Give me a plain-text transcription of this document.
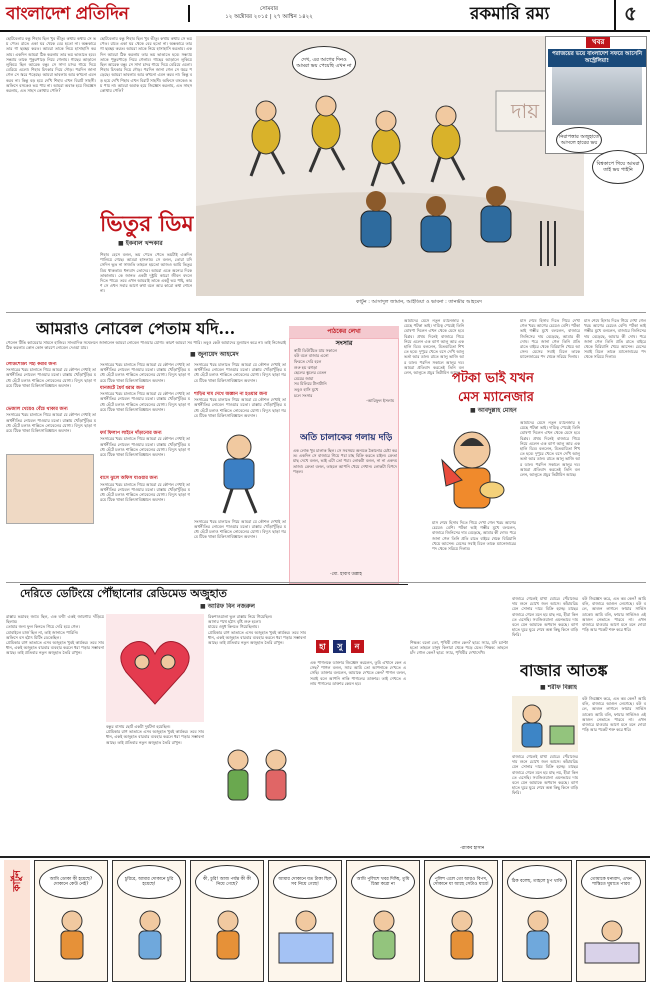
বাংলাদেশ প্রতিদিন	সোমবার
১২ অক্টোবর ২০১৫ | ২৭ আশ্বিন ১৪২২	রকমারি রম্য	৫
ছোটবেলায় বন্ধু শিহাব ছিল খুব ভীতু। কথায় কথায় সে ভয় পেত। রাতে একা ঘর থেকে বের হতো না। অন্ধকারে তার গা ছমছম করত। আমরা তাকে নিয়ে হাসাহাসি করতাম। একদিন আমরা ঠিক করলাম তার ভয় ভাঙাতে হবে। সন্ধ্যায় তাকে পুকুরপাড়ে নিয়ে গেলাম। গাছের আড়ালে লুকিয়ে ছিল আরেক বন্ধু। সে সাদা চাদর গায়ে দিয়ে বেরিয়ে এলো। শিহাব চিৎকার দিয়ে দৌড়। পরদিন জানা গেল সে জ্বরে পড়েছে। আমরা ভাবলাম আর কখনো এমন করব না। কিন্তু বড় হয়ে দেখি শিহাব এখন বিরাট সাহসী। অফিসে বসকেও ভয় পায় না। আমরা অবাক হয়ে জিজ্ঞেস করলাম, এত সাহস কোথায় পেলি?
ছোটবেলায় বন্ধু শিহাব ছিল খুব ভীতু। কথায় কথায় সে ভয় পেত। রাতে একা ঘর থেকে বের হতো না। অন্ধকারে তার গা ছমছম করত। আমরা তাকে নিয়ে হাসাহাসি করতাম। একদিন আমরা ঠিক করলাম তার ভয় ভাঙাতে হবে। সন্ধ্যায় তাকে পুকুরপাড়ে নিয়ে গেলাম। গাছের আড়ালে লুকিয়ে ছিল আরেক বন্ধু। সে সাদা চাদর গায়ে দিয়ে বেরিয়ে এলো। শিহাব চিৎকার দিয়ে দৌড়। পরদিন জানা গেল সে জ্বরে পড়েছে। আমরা ভাবলাম আর কখনো এমন করব না। কিন্তু বড় হয়ে দেখি শিহাব এখন বিরাট সাহসী। অফিসে বসকেও ভয় পায় না। আমরা অবাক হয়ে জিজ্ঞেস করলাম, এত সাহস কোথায় পেলি?
ভিতুর ডিম
■ ইকবাল খন্দকার
শিহাব হেসে বলল, ভয় পেতে পেতে ভয়টাই একদিন পালিয়ে গেছে। আমরা হাসলাম। সে বলল, তোরা যদি সেদিন ভূত না সাজতি তাহলে হয়তো আজও আমি ভিতুর ডিম থাকতাম। ধন্যবাদ তোদের। আমরা একে অন্যের দিকে তাকালাম। কে জানত একটা দুষ্টুমি কারো জীবন বদলে দিতে পারে। তবে এখন আমরাই তাকে একটু ভয় পাই, কারণ সে এখন সবার আগে কথা বলে আর কারো কথা শোনে না।
দায়
দেখ, এর আগের দিনও আমরা ভয় পেয়েছি এখন না
কার্টুন : আসাদুল জামান, আইডিয়া ও ভাবনা : তানভীর আহমেদ
খবর
পরাজয়ের ভয়ে বাংলাদেশ সফরে আসেনি অস্ট্রেলিয়া!
নিরাপত্তার অজুহাতে আসলে হারের ভয়
বিশ্বকাপে গিয়ে আমরা তাই ভয় পাইনি
আমরাও নোবেল পেতাম যদি...
পেলেন টিভি ক্যামেরার সামনে হাজির। সাংবাদিক সম্মেলনে জানালেন আমরা নোবেল পাওয়ার যোগ্য। কারণ আমরা সব পারি। তবুও কেউ আমাদের মূল্যায়ন করে না। তাই নিজেরাই ঠিক করলাম কোন কোন কারণে নোবেল দেওয়া যায়।
■ জুনায়েদ আহমেদ
লোডশেডিং সহ্য করার জন্য
সংসারের খরচ চালাতে গিয়ে আমরা যে কৌশল দেখাই তা অর্থনীতির নোবেল পাওয়ার মতো। রাস্তায় খোঁড়াখুঁড়ির মধ্যে হেঁটে চলাও শান্তিতে নোবেলের যোগ্য। বিদ্যুৎ ছাড়া গরমে টিকে থাকা চিকিৎসাবিজ্ঞানে অবদান।
ভেজাল খেয়েও বেঁচে থাকার জন্য
সংসারের খরচ চালাতে গিয়ে আমরা যে কৌশল দেখাই তা অর্থনীতির নোবেল পাওয়ার মতো। রাস্তায় খোঁড়াখুঁড়ির মধ্যে হেঁটে চলাও শান্তিতে নোবেলের যোগ্য। বিদ্যুৎ ছাড়া গরমে টিকে থাকা চিকিৎসাবিজ্ঞানে অবদান।
সংসারের খরচ চালাতে গিয়ে আমরা যে কৌশল দেখাই তা অর্থনীতির নোবেল পাওয়ার মতো। রাস্তায় খোঁড়াখুঁড়ির মধ্যে হেঁটে চলাও শান্তিতে নোবেলের যোগ্য। বিদ্যুৎ ছাড়া গরমে টিকে থাকা চিকিৎসাবিজ্ঞানে অবদান।
যানজটে ধৈর্য ধরার জন্য
সংসারের খরচ চালাতে গিয়ে আমরা যে কৌশল দেখাই তা অর্থনীতির নোবেল পাওয়ার মতো। রাস্তায় খোঁড়াখুঁড়ির মধ্যে হেঁটে চলাও শান্তিতে নোবেলের যোগ্য। বিদ্যুৎ ছাড়া গরমে টিকে থাকা চিকিৎসাবিজ্ঞানে অবদান।
ফর্ম ফিলাপ লাইনে দাঁড়ানোর জন্য
সংসারের খরচ চালাতে গিয়ে আমরা যে কৌশল দেখাই তা অর্থনীতির নোবেল পাওয়ার মতো। রাস্তায় খোঁড়াখুঁড়ির মধ্যে হেঁটে চলাও শান্তিতে নোবেলের যোগ্য। বিদ্যুৎ ছাড়া গরমে টিকে থাকা চিকিৎসাবিজ্ঞানে অবদান।
বাসে ঝুলে অফিস যাওয়ার জন্য
সংসারের খরচ চালাতে গিয়ে আমরা যে কৌশল দেখাই তা অর্থনীতির নোবেল পাওয়ার মতো। রাস্তায় খোঁড়াখুঁড়ির মধ্যে হেঁটে চলাও শান্তিতে নোবেলের যোগ্য। বিদ্যুৎ ছাড়া গরমে টিকে থাকা চিকিৎসাবিজ্ঞানে অবদান।
সংসারের খরচ চালাতে গিয়ে আমরা যে কৌশল দেখাই তা অর্থনীতির নোবেল পাওয়ার মতো। রাস্তায় খোঁড়াখুঁড়ির মধ্যে হেঁটে চলাও শান্তিতে নোবেলের যোগ্য। বিদ্যুৎ ছাড়া গরমে টিকে থাকা চিকিৎসাবিজ্ঞানে অবদান।
শাড়ির দাম দেখে অজ্ঞান না হওয়ার জন্য
সংসারের খরচ চালাতে গিয়ে আমরা যে কৌশল দেখাই তা অর্থনীতির নোবেল পাওয়ার মতো। রাস্তায় খোঁড়াখুঁড়ির মধ্যে হেঁটে চলাও শান্তিতে নোবেলের যোগ্য। বিদ্যুৎ ছাড়া গরমে টিকে থাকা চিকিৎসাবিজ্ঞানে অবদান।
সংসারের খরচ চালাতে গিয়ে আমরা যে কৌশল দেখাই তা অর্থনীতির নোবেল পাওয়ার মতো। রাস্তায় খোঁড়াখুঁড়ির মধ্যে হেঁটে চলাও শান্তিতে নোবেলের যোগ্য। বিদ্যুৎ ছাড়া গরমে টিকে থাকা চিকিৎসাবিজ্ঞানে অবদান।
পাঠকের লেখা
সংসার
স্বামী ডিউটিতে যায় সকালে
বউ বলে বাজার এনো
ফিরতে দেরি হলে
শুরু হয় ঝগড়া
ছেলের স্কুলের বেতন
মেয়ের জামা
সব মিলিয়ে টানাটানি
তবুও হাসি মুখে
চলে সংসার
-আরিফুল ইসলাম
অতি চালাকের গলায় দড়ি
এক লোক খুব চালাক ছিল। সে সবসময় অন্যকে ঠকানোর চেষ্টা করত। একদিন সে বাজারে গিয়ে পচা মাছ বিক্রি করতে চাইল। ক্রেতা মাছ দেখে বলল, ভাই এটা তো পচা। লোকটা বলল, না না একদম তাজা। ক্রেতা বলল, তাহলে আপনি খেয়ে দেখান। লোকটা বিপদে পড়ল।
-মো. হাবীব উল্লাহ
আমাদের মেসে নতুন ম্যানেজার হয়েছে পটকা ভাই। দায়িত্ব পেয়েই তিনি ঘোষণা দিলেন এখন থেকে মেসে হবে বিপ্লব। প্রথম দিনেই বাজারে গিয়ে নিয়ে এলেন এক ব্যাগ আলু আর এক হালি ডিম। বললেন, মিতব্যয়িতা শিখতে হবে। দুপুরে খেতে বসে দেখি আলু ভর্তা আর ডাল। রাতে আলু ভাজি আর ডাল। পরদিন সকালে আলুর দম। আমরা প্রতিবাদ করতেই তিনি বললেন, আলুতে প্রচুর ভিটামিন আছে।
পটকা ভাই যখন
মেস ম্যানেজার
■ আবদুল্লাহ মোহন
মাস শেষে হিসাব দিতে গিয়ে দেখা গেল খরচ আগের চেয়েও বেশি। পটকা ভাই গম্ভীর মুখে বললেন, বাজারে জিনিসের দাম বেড়েছে, আমার কী দোষ। পরে জানা গেল তিনি প্রতি রাতে বাইরে থেকে বিরিয়ানি খেয়ে আসেন। মেসের সবাই মিলে তাকে ম্যানেজারের পদ থেকে সরিয়ে দিলাম।
মাস শেষে হিসাব দিতে গিয়ে দেখা গেল খরচ আগের চেয়েও বেশি। পটকা ভাই গম্ভীর মুখে বললেন, বাজারে জিনিসের দাম বেড়েছে, আমার কী দোষ। পরে জানা গেল তিনি প্রতি রাতে বাইরে থেকে বিরিয়ানি খেয়ে আসেন। মেসের সবাই মিলে তাকে ম্যানেজারের পদ থেকে সরিয়ে দিলাম।
আমাদের মেসে নতুন ম্যানেজার হয়েছে পটকা ভাই। দায়িত্ব পেয়েই তিনি ঘোষণা দিলেন এখন থেকে মেসে হবে বিপ্লব। প্রথম দিনেই বাজারে গিয়ে নিয়ে এলেন এক ব্যাগ আলু আর এক হালি ডিম। বললেন, মিতব্যয়িতা শিখতে হবে। দুপুরে খেতে বসে দেখি আলু ভর্তা আর ডাল। রাতে আলু ভাজি আর ডাল। পরদিন সকালে আলুর দম। আমরা প্রতিবাদ করতেই তিনি বললেন, আলুতে প্রচুর ভিটামিন আছে।
মাস শেষে হিসাব দিতে গিয়ে দেখা গেল খরচ আগের চেয়েও বেশি। পটকা ভাই গম্ভীর মুখে বললেন, বাজারে জিনিসের দাম বেড়েছে, আমার কী দোষ। পরে জানা গেল তিনি প্রতি রাতে বাইরে থেকে বিরিয়ানি খেয়ে আসেন। মেসের সবাই মিলে তাকে ম্যানেজারের পদ থেকে সরিয়ে দিলাম।
দেরিতে ডেটিংয়ে পৌঁছানোর রেডিমেড অজুহাত
■ আরিফ বিন নজরুল
রাস্তায় ভয়াবহ জ্যাম ছিল, এক ঘণ্টা একই জায়গায় দাঁড়িয়ে ছিলাম।
তোমার জন্য ফুল কিনতে গিয়ে দেরি হয়ে গেল।
মোবাইলে চার্জ ছিল না, তাই জানাতে পারিনি।
অফিসে বস হঠাৎ মিটিং ডেকেছিল।
প্রেমিকার রাগ ভাঙাতে এসব অজুহাত খুবই কার্যকর। তবে সাবধান, একই অজুহাত বারবার ব্যবহার করলে ধরা পড়ার সম্ভাবনা আছে। তাই প্রতিবার নতুন অজুহাত তৈরি রাখুন।
বন্ধুর বাসায় ছোট একটা দুর্ঘটনা হয়েছিল।
প্রেমিকার রাগ ভাঙাতে এসব অজুহাত খুবই কার্যকর। তবে সাবধান, একই অজুহাত বারবার ব্যবহার করলে ধরা পড়ার সম্ভাবনা আছে। তাই প্রতিবার নতুন অজুহাত তৈরি রাখুন।
রিকশাওয়ালা ভুল রাস্তায় নিয়ে গিয়েছিল।
আসার পথে হঠাৎ বৃষ্টি শুরু হলো।
মায়ের ওষুধ কিনতে গিয়েছিলাম।
প্রেমিকার রাগ ভাঙাতে এসব অজুহাত খুবই কার্যকর। তবে সাবধান, একই অজুহাত বারবার ব্যবহার করলে ধরা পড়ার সম্ভাবনা আছে। তাই প্রতিবার নতুন অজুহাত তৈরি রাখুন।	হা সু ন
এক পাগলকে ডাক্তার জিজ্ঞেস করলেন, তুমি এখানে কেন এসেছ? পাগল বলল, স্যার আমি তো আপনাকে দেখতে এসেছি। ডাক্তার বললেন, আমাকে দেখতে কেন? পাগল বলল, সবাই বলে আপনি নাকি পাগলের ডাক্তার। তাই দেখতে এলাম পাগলের ডাক্তার কেমন হয়।
শিক্ষক: বলো তো, পৃথিবী গোল কেন? ছাত্র: স্যার, যদি চ্যাপ্টা হতো তাহলে মানুষ কিনারা থেকে পড়ে যেত। শিক্ষক: তাহলে চাঁদ গোল কেন? ছাত্র: স্যার, পৃথিবীর দেখাদেখি।
-রাকিব হাসান
বাজার আতঙ্ক
■ শরীফ বিল্লাহ
বাজারে গেলেই মাথা ঘোরে। পেঁয়াজের দাম শুনে চোখে জল আসে। কাঁচামরিচ যেন সোনার দামে বিক্রি হচ্ছে। মাছের বাজারে গেলে মনে হয় মাছ নয়, হীরা কিনতে এসেছি। সবজিওয়ালা এমনভাবে দাম বলে যেন আমাকে অপমান করছে। ব্যাগ হাতে ঘুরে ঘুরে শেষে অল্প কিছু কিনে বাড়ি ফিরি।
বউ জিজ্ঞেস করে, এত কম কেন? আমি বলি, বাজারে আগুন লেগেছে। বউ বলে, আগুন লাগলে ফায়ার সার্ভিস ডাকো। আমি বলি, ফায়ার সার্ভিসও এই আগুন নেভাতে পারবে না। এখন বাজারে যাওয়ার আগে মনে মনে দোয়া পড়ি আর পকেট শক্ত করে ধরি।
বাজারে গেলেই মাথা ঘোরে। পেঁয়াজের দাম শুনে চোখে জল আসে। কাঁচামরিচ যেন সোনার দামে বিক্রি হচ্ছে। মাছের বাজারে গেলে মনে হয় মাছ নয়, হীরা কিনতে এসেছি। সবজিওয়ালা এমনভাবে দাম বলে যেন আমাকে অপমান করছে। ব্যাগ হাতে ঘুরে ঘুরে শেষে অল্প কিছু কিনে বাড়ি ফিরি।
বউ জিজ্ঞেস করে, এত কম কেন? আমি বলি, বাজারে আগুন লেগেছে। বউ বলে, আগুন লাগলে ফায়ার সার্ভিস ডাকো। আমি বলি, ফায়ার সার্ভিসও এই আগুন নেভাতে পারবে না। এখন বাজারে যাওয়ার আগে মনে মনে দোয়া পড়ি আর পকেট শক্ত করে ধরি।
কার্টুন	আমি ডোকা কী হয়েছে? দোকানে কেউ নেই?
চুরিরে, আমার দোকানে চুরি হয়েছে!
কী, চুরি! আজ পর্যন্ত কী কী নিয়ে গেছে?
আমার দোকানে যত টাকা ছিল সব নিয়ে গেছে!
আমি পুলিশে খবর দিচ্ছি, তুমি চিন্তা করো না
পুলিশ এলে তো আরও বিপদ, দোকানে যা আছে সেটাও যাবে!
ঠিক বলেছ, তাহলে চুপ থাকি
তোমাকে ধন্যবাদ, এখন শান্তিতে ঘুমাতে পারব
